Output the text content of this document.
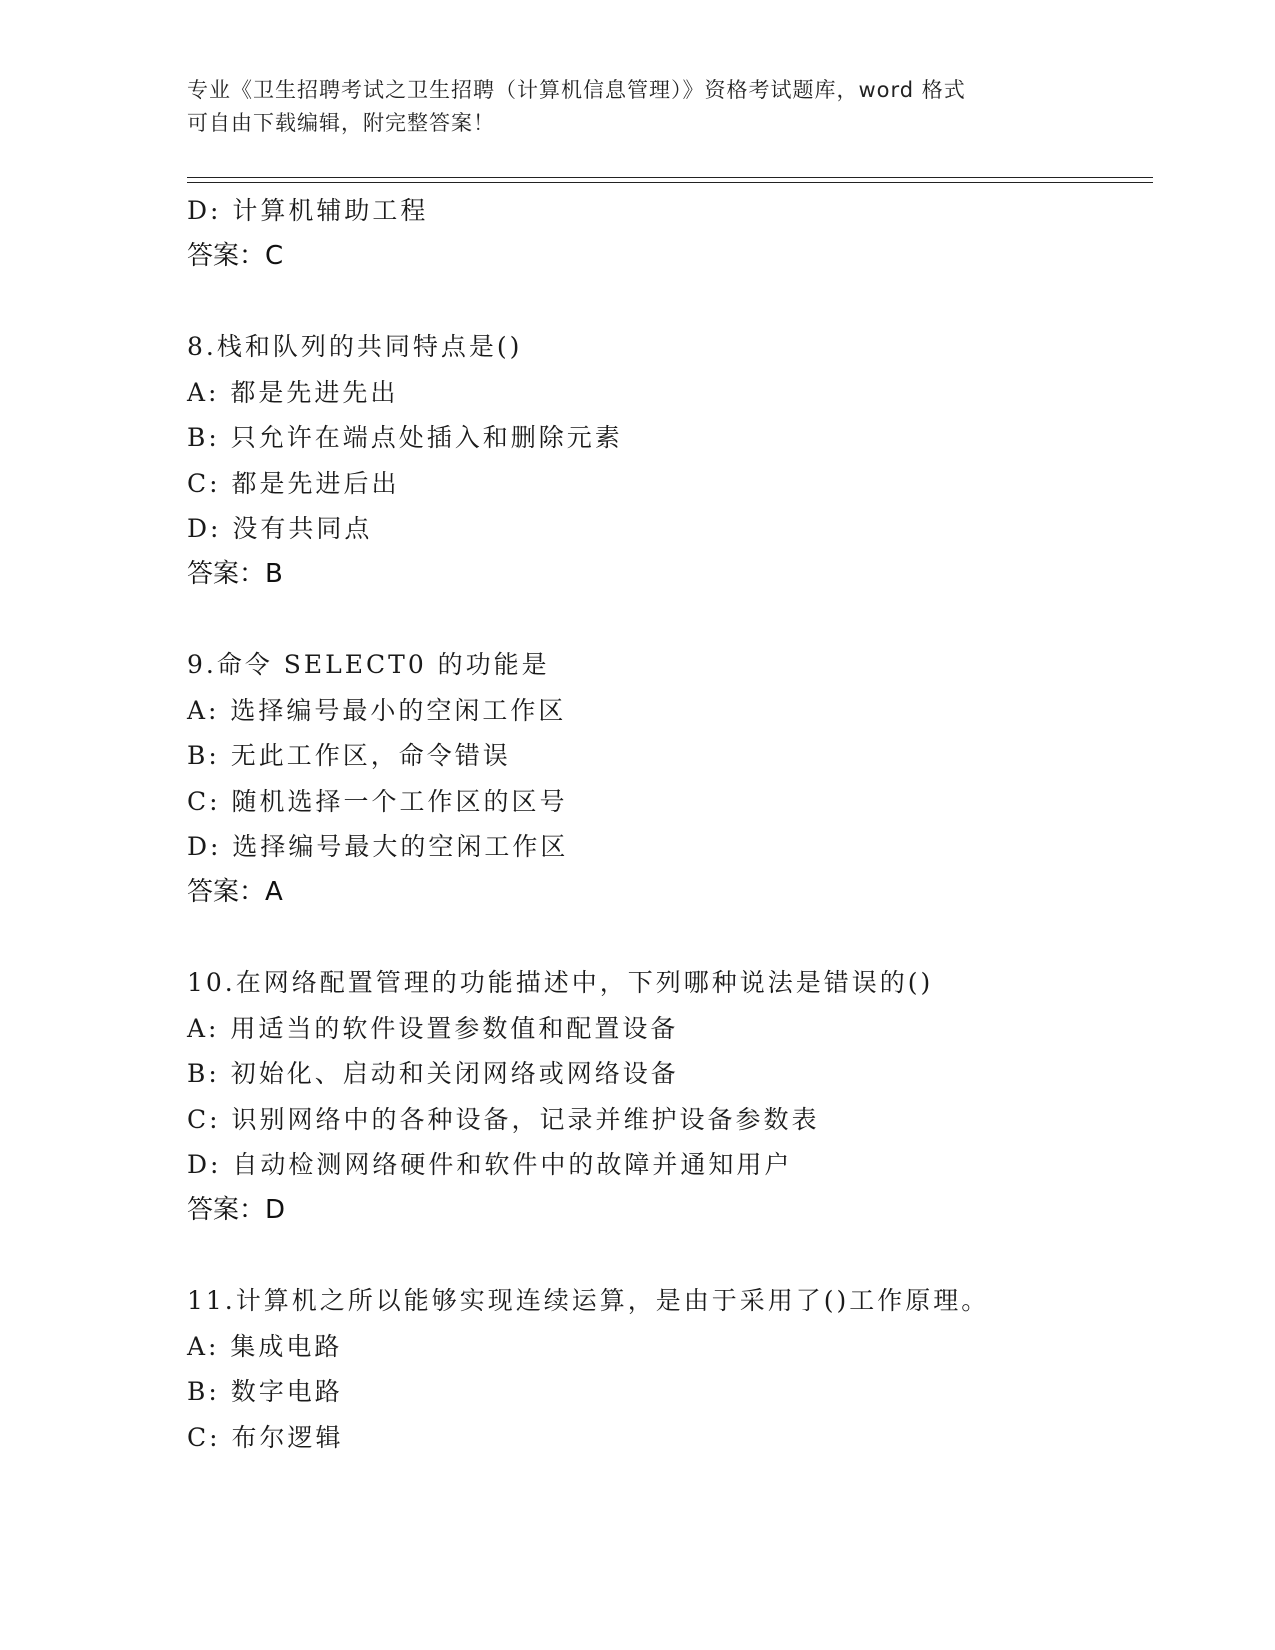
专业《卫生招聘考试之卫生招聘（计算机信息管理）》资格考试题库，word 格式
可自由下载编辑，附完整答案！
D: 计算机辅助工程
答案：C
8.栈和队列的共同特点是()
A: 都是先进先出
B: 只允许在端点处插入和删除元素
C: 都是先进后出
D: 没有共同点
答案：B
9.命令 SELECT0 的功能是
A: 选择编号最小的空闲工作区
B: 无此工作区，命令错误
C: 随机选择一个工作区的区号
D: 选择编号最大的空闲工作区
答案：A
10.在网络配置管理的功能描述中，下列哪种说法是错误的()
A: 用适当的软件设置参数值和配置设备
B: 初始化、启动和关闭网络或网络设备
C: 识别网络中的各种设备，记录并维护设备参数表
D: 自动检测网络硬件和软件中的故障并通知用户
答案：D
11.计算机之所以能够实现连续运算，是由于采用了()工作原理。
A: 集成电路
B: 数字电路
C: 布尔逻辑
